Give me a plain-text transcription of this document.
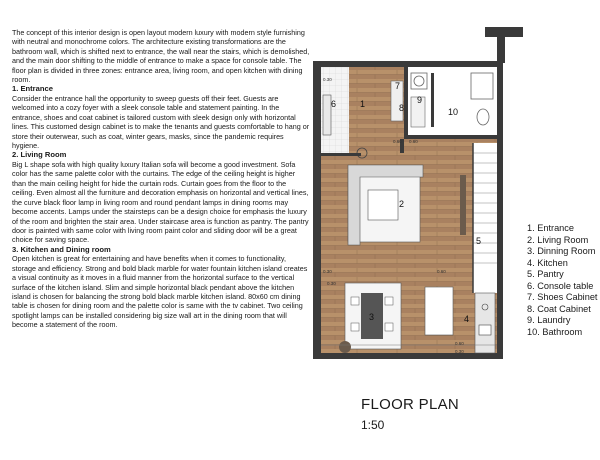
The concept of this interior design is open layout modern luxury with modern style furnishing with neutral and monochrome colors. The architecture existing transformations are the bathroom wall, which is shifted next to entrance, the wall near the stairs, which is demolished, and the main door shifting to the middle of entrance to make a space for console table. The floor plan is divided in three zones: entrance area, living room, and open kitchen with dining room.

1. Entrance

Consider the entrance hall the opportunity to sweep guests off their feet. Guests are welcomed into a cozy foyer with a sleek console table and statement painting. In the entrance, shoes and coat cabinet is tailored custom with sleek design only with horizontal lines. This customed design cabinet is to make the tenants and guests comfortable to hang or store their outerwear, such as coat, winter gears, masks, since the pandemic requires hygiene.

2. Living Room

Big L shape sofa with high quality luxury Italian sofa will become a good investment. Sofa color has the same palette color with the curtains. The edge of the ceiling height is higher than the main ceiling height for hide the curtain rods. Curtain goes from the floor to the ceiling. Even almost all the furniture and decoration emphasis on horizontal and vertical lines, the curve black floor lamp in living room and round pendant lamps in dining rooms may become accents. Lamps under the stairsteps can be a design choice for emphasis the luxury of the room and brighten the stair area. Under staircase area is function as pantry. The pantry door is painted with same color with living room paint color and sliding door will be a great choice for saving space.

3. Kitchen and Dining room

Open kitchen is great for entertaining and have benefits when it comes to functionality, storage and efficiency. Strong and bold black marble for water fountain kitchen island creates a visual continuity as it moves in a fluid manner from the horizontal surface to the vertical surface of the kitchen island. Slim and simple horizontal black pendant above the kitchen island is chosen for balancing the strong bold black marble kitchen island. 80x60 cm dining table is chosen for dining room and the palette color is same with the tv cabinet. Two ceiling spotlight lamps can be installed considering big size wall art in the dining room that will become a statement of the room.

0.30
0.60 0.60
0.30	0.60
0.30
0.60
0.30
1
2
3	4
5
6
7
8
9
10
1. Entrance
2. Living Room
3. Dinning Room
4. Kitchen
5. Pantry
6. Console table
7. Shoes Cabinet
8. Coat Cabinet
9. Laundry
10. Bathroom
FLOOR PLAN
1:50
